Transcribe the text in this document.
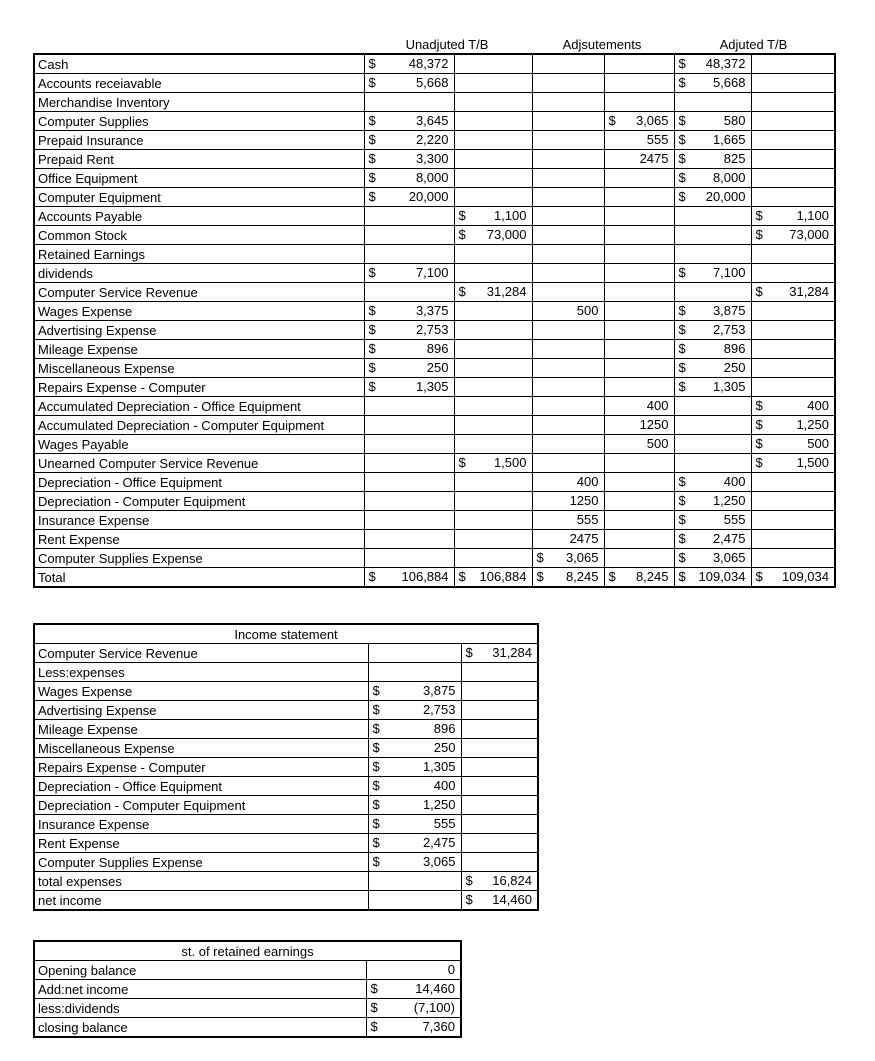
Unadjuted T/B	Adjsutements	Adjuted T/B
Cash	$ 48,372				$ 48,372	

Accounts receiavable	$ 5,668				$ 5,668	

Merchandise Inventory	

Computer Supplies	$ 3,645			$ 3,065	$ 580	

Prepaid Insurance	$ 2,220			555	$ 1,665	

Prepaid Rent	$ 3,300			2475	$ 825	

Office Equipment	$ 8,000				$ 8,000	

Computer Equipment	$ 20,000				$ 20,000	

Accounts Payable		$ 1,100				$ 1,100

Common Stock		$ 73,000				$ 73,000

Retained Earnings	

dividends	$ 7,100				$ 7,100	

Computer Service Revenue		$ 31,284				$ 31,284

Wages Expense	$ 3,375		500		$ 3,875	

Advertising Expense	$ 2,753				$ 2,753	

Mileage Expense	$ 896				$ 896	

Miscellaneous Expense	$ 250				$ 250	

Repairs Expense - Computer	$ 1,305				$ 1,305	

Accumulated Depreciation - Office Equipment				400		$ 400

Accumulated Depreciation - Computer Equipment				1250		$ 1,250

Wages Payable				500		$ 500

Unearned Computer Service Revenue		$ 1,500				$ 1,500

Depreciation - Office Equipment			400		$ 400	

Depreciation - Computer Equipment			1250		$ 1,250	

Insurance Expense			555		$ 555	

Rent Expense			2475		$ 2,475	

Computer Supplies Expense			$ 3,065		$ 3,065	

Total	$ 106,884	$ 106,884	$ 8,245	$ 8,245	$ 109,034	$ 109,034
Income statement		
Computer Service Revenue		$ 31,284

Less:expenses	

Wages Expense	$ 3,875	

Advertising Expense	$ 2,753	

Mileage Expense	$ 896	

Miscellaneous Expense	$ 250	

Repairs Expense - Computer	$ 1,305	

Depreciation - Office Equipment	$ 400	

Depreciation - Computer Equipment	$ 1,250	

Insurance Expense	$ 555	

Rent Expense	$ 2,475	

Computer Supplies Expense	$ 3,065	

total expenses		$ 16,824

net income		$ 14,460
st. of retained earnings	
Opening balance	0

Add:net income	$ 14,460

less:dividends	$ (7,100)

closing balance	$ 7,360
